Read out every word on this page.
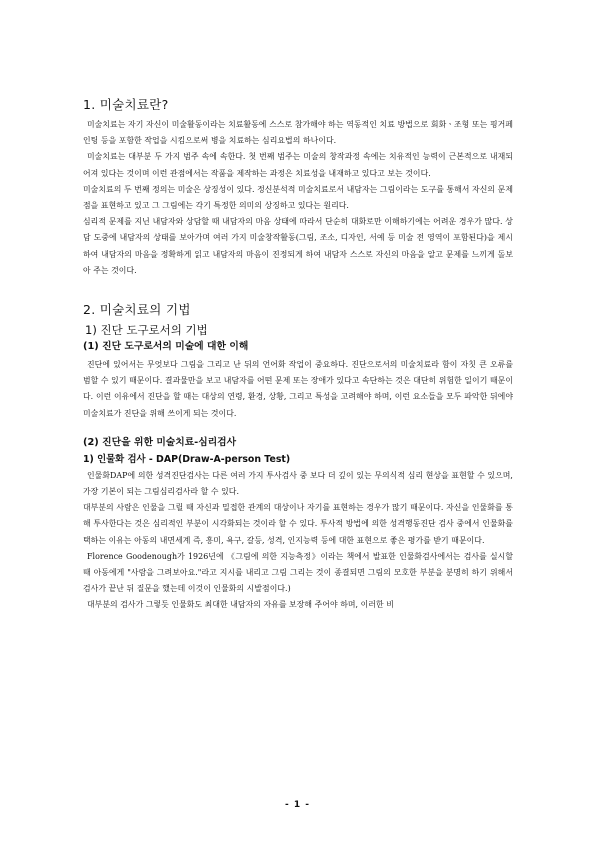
1. 미술치료란?

미술치료는 자기 자신이 미술활동이라는 치료활동에 스스로 참가해야 하는 역동적인 치료 방법으로 회화ㆍ조형 또는 핑거페인팅 등을 포함한 작업을 시킴으로써 병을 치료하는 심리요법의 하나이다.

미술치료는 대부분 두 가지 범주 속에 속한다. 첫 번째 범주는 미술의 창작과정 속에는 치유적인 능력이 근본적으로 내재되어져 있다는 것이며 이런 관점에서는 작품을 제작하는 과정은 치료성을 내재하고 있다고 보는 것이다.

미술치료의 두 번째 정의는 미술은 상징성이 있다. 정신분석적 미술치료로서 내담자는 그림이라는 도구를 통해서 자신의 문제점을 표현하고 있고 그 그림에는 각기 특정한 의미의 상징하고 있다는 원리다.

심리적 문제를 지닌 내담자와 상담할 때 내담자의 마음 상태에 따라서 단순히 대화로만 이해하기에는 어려운 경우가 많다. 상담 도중에 내담자의 상태를 보아가며 여러 가지 미술창작활동(그림, 조소, 디자인, 서예 등 미술 전 영역이 포함된다)을 제시하여 내담자의 마음을 정확하게 읽고 내담자의 마음이 진정되게 하여 내담자 스스로 자신의 마음을 알고 문제를 느끼게 돌보아 주는 것이다.

2. 미술치료의 기법
1) 진단 도구로서의 기법
(1) 진단 도구로서의 미술에 대한 이해

진단에 있어서는 무엇보다 그림을 그리고 난 뒤의 언어화 작업이 중요하다. 진단으로서의 미술치료라 함이 자칫 큰 오류를 범할 수 있기 때문이다. 결과물만을 보고 내담자를 어떤 문제 또는 장애가 있다고 속단하는 것은 대단히 위험한 일이기 때문이다. 이런 이유에서 진단을 할 때는 대상의 연령, 환경, 상황, 그리고 특성을 고려해야 하며, 이런 요소들을 모두 파악한 뒤에야 미술치료가 진단을 위해 쓰이게 되는 것이다.

(2) 진단을 위한 미술치료-심리검사
1) 인물화 검사 - DAP(Draw-A-person Test)

인물화DAP에 의한 성격진단검사는 다른 여러 가지 투사검사 중 보다 더 깊이 있는 무의식적 심리 현상을 표현할 수 있으며, 가장 기본이 되는 그림심리검사라 할 수 있다.

대부분의 사람은 인물을 그릴 때 자신과 밀접한 관계의 대상이나 자기를 표현하는 경우가 많기 때문이다. 자신을 인물화를 통해 투사한다는 것은 심리적인 부분이 시각화되는 것이라 할 수 있다. 투사적 방법에 의한 성격행동진단 검사 중에서 인물화를 택하는 이유는 아동의 내면세계 즉, 흥미, 욕구, 갈등, 성격, 인지능력 등에 대한 표현으로 좋은 평가를 받기 때문이다.

Florence Goodenough가 1926년에 《그림에 의한 지능측정》이라는 책에서 발표한 인물화검사에서는 검사를 실시할 때 아동에게 "사람을 그려보아요."라고 지시를 내리고 그림 그리는 것이 종결되면 그림의 모호한 부분을 분명히 하기 위해서 검사가 끝난 뒤 질문을 했는데 이것이 인물화의 시발점이다.)

대부분의 검사가 그렇듯 인물화도 최대한 내담자의 자유를 보장해 주어야 하며, 이러한 비

- 1 -
